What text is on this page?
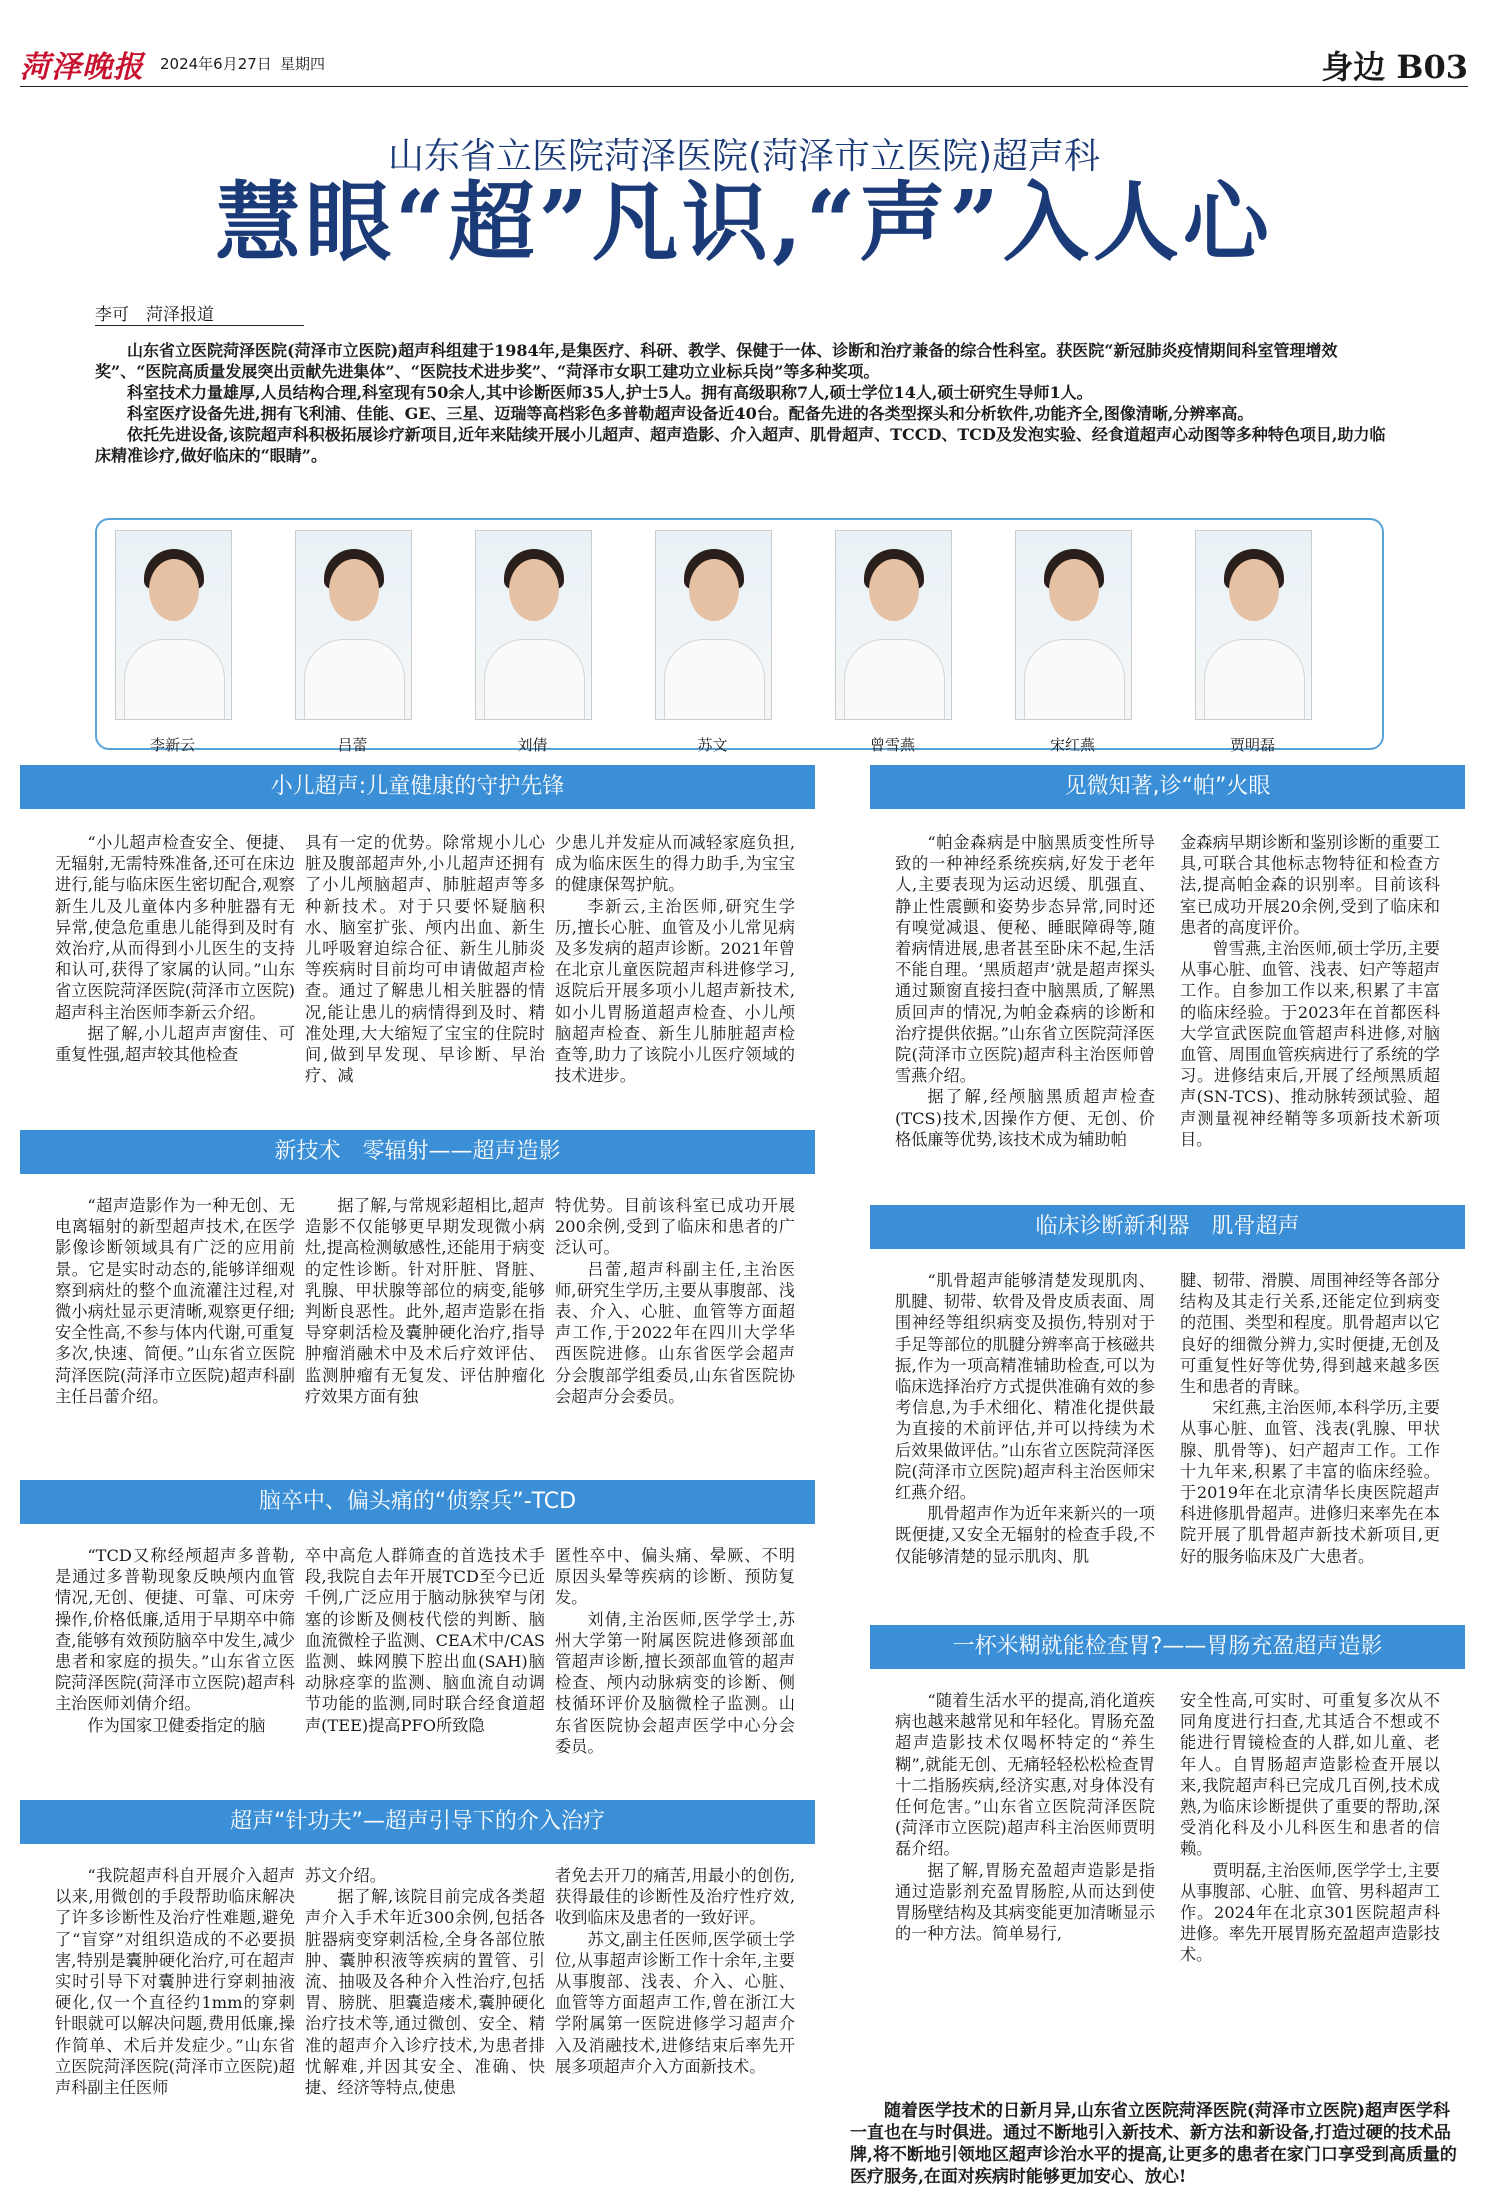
菏泽晚报 2024年6月27日 星期四	身边 B03
山东省立医院菏泽医院(菏泽市立医院)超声科
慧眼“超”凡识,“声”入人心
李可　菏泽报道

山东省立医院菏泽医院(菏泽市立医院)超声科组建于1984年,是集医疗、科研、教学、保健于一体、诊断和治疗兼备的综合性科室。获医院“新冠肺炎疫情期间科室管理增效奖”、“医院高质量发展突出贡献先进集体”、“医院技术进步奖”、“菏泽市女职工建功立业标兵岗”等多种奖项。

科室技术力量雄厚,人员结构合理,科室现有50余人,其中诊断医师35人,护士5人。拥有高级职称7人,硕士学位14人,硕士研究生导师1人。

科室医疗设备先进,拥有飞利浦、佳能、GE、三星、迈瑞等高档彩色多普勒超声设备近40台。配备先进的各类型探头和分析软件,功能齐全,图像清晰,分辨率高。

依托先进设备,该院超声科积极拓展诊疗新项目,近年来陆续开展小儿超声、超声造影、介入超声、肌骨超声、TCCD、TCD及发泡实验、经食道超声心动图等多种特色项目,助力临床精准诊疗,做好临床的“眼睛”。

李新云	吕蕾	刘倩	苏文	曾雪燕	宋红燕	贾明磊
小儿超声:儿童健康的守护先锋

“小儿超声检查安全、便捷、无辐射,无需特殊准备,还可在床边进行,能与临床医生密切配合,观察新生儿及儿童体内多种脏器有无异常,使急危重患儿能得到及时有效治疗,从而得到小儿医生的支持和认可,获得了家属的认同。”山东省立医院菏泽医院(菏泽市立医院)超声科主治医师李新云介绍。

据了解,小儿超声声窗佳、可重复性强,超声较其他检查

具有一定的优势。除常规小儿心脏及腹部超声外,小儿超声还拥有了小儿颅脑超声、肺脏超声等多种新技术。对于只要怀疑脑积水、脑室扩张、颅内出血、新生儿呼吸窘迫综合征、新生儿肺炎等疾病时目前均可申请做超声检查。通过了解患儿相关脏器的情况,能让患儿的病情得到及时、精准处理,大大缩短了宝宝的住院时间,做到早发现、早诊断、早治疗、减

少患儿并发症从而减轻家庭负担,成为临床医生的得力助手,为宝宝的健康保驾护航。

李新云,主治医师,研究生学历,擅长心脏、血管及小儿常见病及多发病的超声诊断。2021年曾在北京儿童医院超声科进修学习,返院后开展多项小儿超声新技术,如小儿胃肠道超声检查、小儿颅脑超声检查、新生儿肺脏超声检查等,助力了该院小儿医疗领域的技术进步。

新技术　零辐射——超声造影

“超声造影作为一种无创、无电离辐射的新型超声技术,在医学影像诊断领域具有广泛的应用前景。它是实时动态的,能够详细观察到病灶的整个血流灌注过程,对微小病灶显示更清晰,观察更仔细;安全性高,不参与体内代谢,可重复多次,快速、简便。”山东省立医院菏泽医院(菏泽市立医院)超声科副主任吕蕾介绍。

据了解,与常规彩超相比,超声造影不仅能够更早期发现微小病灶,提高检测敏感性,还能用于病变的定性诊断。针对肝脏、肾脏、乳腺、甲状腺等部位的病变,能够判断良恶性。此外,超声造影在指导穿刺活检及囊肿硬化治疗,指导肿瘤消融术中及术后疗效评估、监测肿瘤有无复发、评估肿瘤化疗效果方面有独

特优势。目前该科室已成功开展200余例,受到了临床和患者的广泛认可。

吕蕾,超声科副主任,主治医师,研究生学历,主要从事腹部、浅表、介入、心脏、血管等方面超声工作,于2022年在四川大学华西医院进修。山东省医学会超声分会腹部学组委员,山东省医院协会超声分会委员。

脑卒中、偏头痛的“侦察兵”-TCD

“TCD又称经颅超声多普勒,是通过多普勒现象反映颅内血管情况,无创、便捷、可靠、可床旁操作,价格低廉,适用于早期卒中筛查,能够有效预防脑卒中发生,减少患者和家庭的损失。”山东省立医院菏泽医院(菏泽市立医院)超声科主治医师刘倩介绍。

作为国家卫健委指定的脑

卒中高危人群筛查的首选技术手段,我院自去年开展TCD至今已近千例,广泛应用于脑动脉狭窄与闭塞的诊断及侧枝代偿的判断、脑血流微栓子监测、CEA术中/CAS监测、蛛网膜下腔出血(SAH)脑动脉痉挛的监测、脑血流自动调节功能的监测,同时联合经食道超声(TEE)提高PFO所致隐

匿性卒中、偏头痛、晕厥、不明原因头晕等疾病的诊断、预防复发。

刘倩,主治医师,医学学士,苏州大学第一附属医院进修颈部血管超声诊断,擅长颈部血管的超声检查、颅内动脉病变的诊断、侧枝循环评价及脑微栓子监测。山东省医院协会超声医学中心分会委员。

超声“针功夫”—超声引导下的介入治疗

“我院超声科自开展介入超声以来,用微创的手段帮助临床解决了许多诊断性及治疗性难题,避免了“盲穿”对组织造成的不必要损害,特别是囊肿硬化治疗,可在超声实时引导下对囊肿进行穿刺抽液硬化,仅一个直径约1mm的穿刺针眼就可以解决问题,费用低廉,操作简单、术后并发症少。”山东省立医院菏泽医院(菏泽市立医院)超声科副主任医师

苏文介绍。

据了解,该院目前完成各类超声介入手术年近300余例,包括各脏器病变穿刺活检,全身各部位脓肿、囊肿积液等疾病的置管、引流、抽吸及各种介入性治疗,包括胃、膀胱、胆囊造瘘术,囊肿硬化治疗技术等,通过微创、安全、精准的超声介入诊疗技术,为患者排忧解难,并因其安全、准确、快捷、经济等特点,使患

者免去开刀的痛苦,用最小的创伤,获得最佳的诊断性及治疗性疗效,收到临床及患者的一致好评。

苏文,副主任医师,医学硕士学位,从事超声诊断工作十余年,主要从事腹部、浅表、介入、心脏、血管等方面超声工作,曾在浙江大学附属第一医院进修学习超声介入及消融技术,进修结束后率先开展多项超声介入方面新技术。

见微知著,诊“帕”火眼

“帕金森病是中脑黑质变性所导致的一种神经系统疾病,好发于老年人,主要表现为运动迟缓、肌强直、静止性震颤和姿势步态异常,同时还有嗅觉减退、便秘、睡眠障碍等,随着病情进展,患者甚至卧床不起,生活不能自理。‘黑质超声’就是超声探头通过颞窗直接扫查中脑黑质,了解黑质回声的情况,为帕金森病的诊断和治疗提供依据。”山东省立医院菏泽医院(菏泽市立医院)超声科主治医师曾雪燕介绍。

据了解,经颅脑黑质超声检查(TCS)技术,因操作方便、无创、价格低廉等优势,该技术成为辅助帕

金森病早期诊断和鉴别诊断的重要工具,可联合其他标志物特征和检查方法,提高帕金森的识别率。目前该科室已成功开展20余例,受到了临床和患者的高度评价。

曾雪燕,主治医师,硕士学历,主要从事心脏、血管、浅表、妇产等超声工作。自参加工作以来,积累了丰富的临床经验。于2023年在首都医科大学宣武医院血管超声科进修,对脑血管、周围血管疾病进行了系统的学习。进修结束后,开展了经颅黑质超声(SN-TCS)、推动脉转颈试验、超声测量视神经鞘等多项新技术新项目。

临床诊断新利器　肌骨超声

“肌骨超声能够清楚发现肌肉、肌腱、韧带、软骨及骨皮质表面、周围神经等组织病变及损伤,特别对于手足等部位的肌腱分辨率高于核磁共振,作为一项高精准辅助检查,可以为临床选择治疗方式提供准确有效的参考信息,为手术细化、精准化提供最为直接的术前评估,并可以持续为术后效果做评估。”山东省立医院菏泽医院(菏泽市立医院)超声科主治医师宋红燕介绍。

肌骨超声作为近年来新兴的一项既便捷,又安全无辐射的检查手段,不仅能够清楚的显示肌肉、肌

腱、韧带、滑膜、周围神经等各部分结构及其走行关系,还能定位到病变的范围、类型和程度。肌骨超声以它良好的细微分辨力,实时便捷,无创及可重复性好等优势,得到越来越多医生和患者的青睐。

宋红燕,主治医师,本科学历,主要从事心脏、血管、浅表(乳腺、甲状腺、肌骨等)、妇产超声工作。工作十九年来,积累了丰富的临床经验。于2019年在北京清华长庚医院超声科进修肌骨超声。进修归来率先在本院开展了肌骨超声新技术新项目,更好的服务临床及广大患者。

一杯米糊就能检查胃?——胃肠充盈超声造影

“随着生活水平的提高,消化道疾病也越来越常见和年轻化。胃肠充盈超声造影技术仅喝杯特定的“养生糊”,就能无创、无痛轻轻松松检查胃十二指肠疾病,经济实惠,对身体没有任何危害。”山东省立医院菏泽医院(菏泽市立医院)超声科主治医师贾明磊介绍。

据了解,胃肠充盈超声造影是指通过造影剂充盈胃肠腔,从而达到使胃肠壁结构及其病变能更加清晰显示的一种方法。简单易行,

安全性高,可实时、可重复多次从不同角度进行扫查,尤其适合不想或不能进行胃镜检查的人群,如儿童、老年人。自胃肠超声造影检查开展以来,我院超声科已完成几百例,技术成熟,为临床诊断提供了重要的帮助,深受消化科及小儿科医生和患者的信赖。

贾明磊,主治医师,医学学士,主要从事腹部、心脏、血管、男科超声工作。2024年在北京301医院超声科进修。率先开展胃肠充盈超声造影技术。

随着医学技术的日新月异,山东省立医院菏泽医院(菏泽市立医院)超声医学科一直也在与时俱进。通过不断地引入新技术、新方法和新设备,打造过硬的技术品牌,将不断地引领地区超声诊治水平的提高,让更多的患者在家门口享受到高质量的医疗服务,在面对疾病时能够更加安心、放心!
